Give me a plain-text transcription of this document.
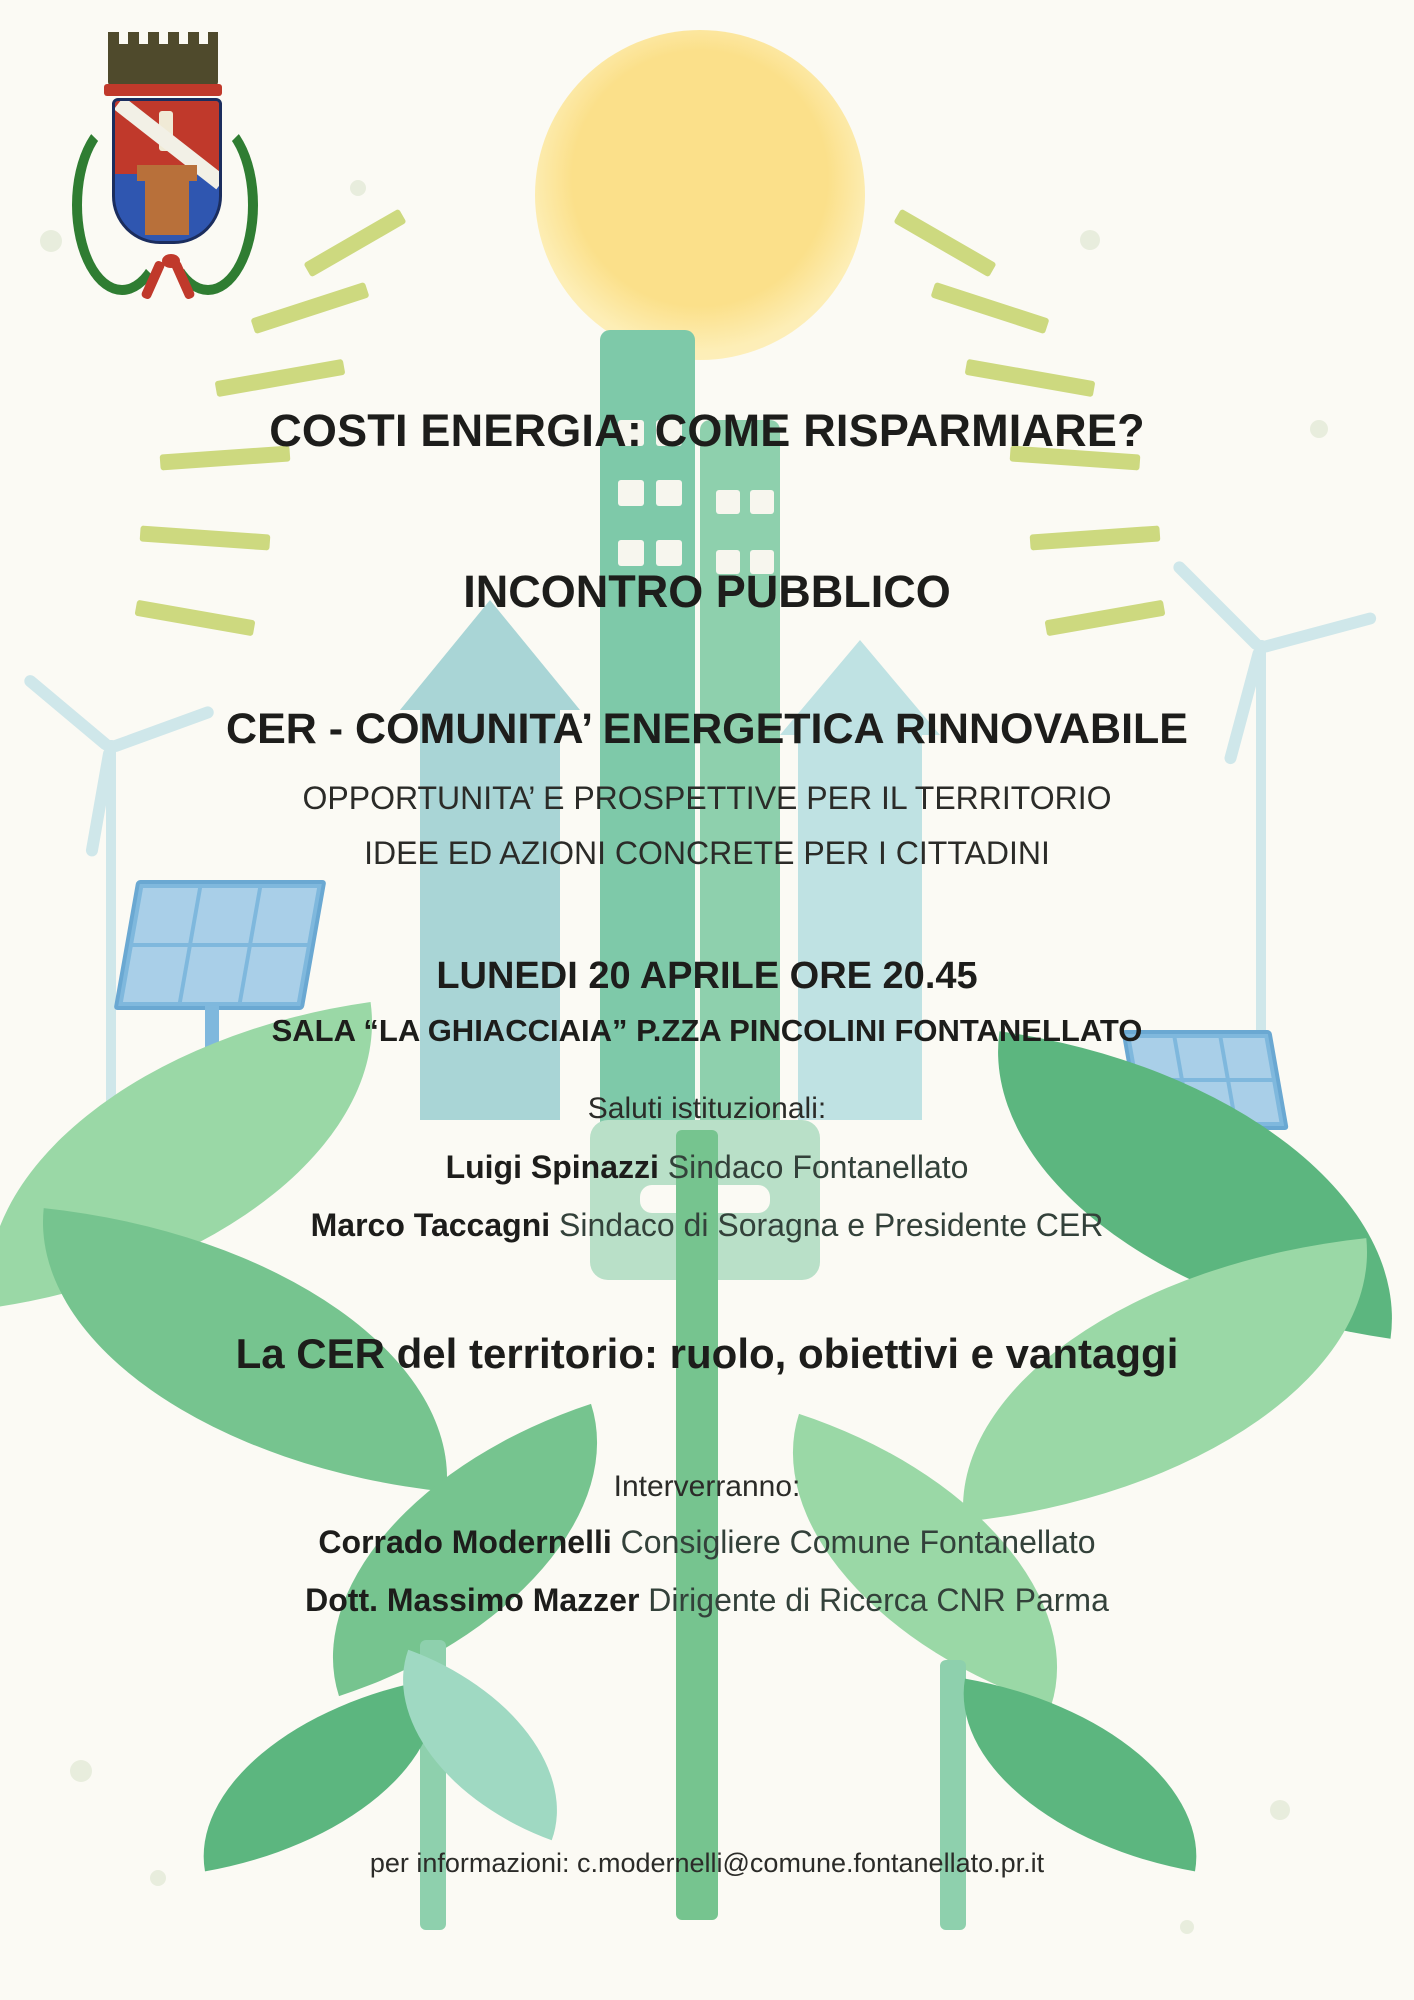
COSTI ENERGIA: COME RISPARMIARE?
INCONTRO PUBBLICO
CER - COMUNITA’ ENERGETICA RINNOVABILE
OPPORTUNITA’ E PROSPETTIVE PER IL TERRITORIO
IDEE ED AZIONI CONCRETE PER I CITTADINI
LUNEDI 20 APRILE ORE 20.45
SALA “LA GHIACCIAIA” P.ZZA PINCOLINI FONTANELLATO
Saluti istituzionali:
Luigi Spinazzi Sindaco Fontanellato
Marco Taccagni Sindaco di Soragna e Presidente CER
La CER del territorio: ruolo, obiettivi e vantaggi
Interverranno:
Corrado Modernelli Consigliere Comune Fontanellato
Dott. Massimo Mazzer Dirigente di Ricerca CNR Parma
per informazioni: c.modernelli@comune.fontanellato.pr.it
